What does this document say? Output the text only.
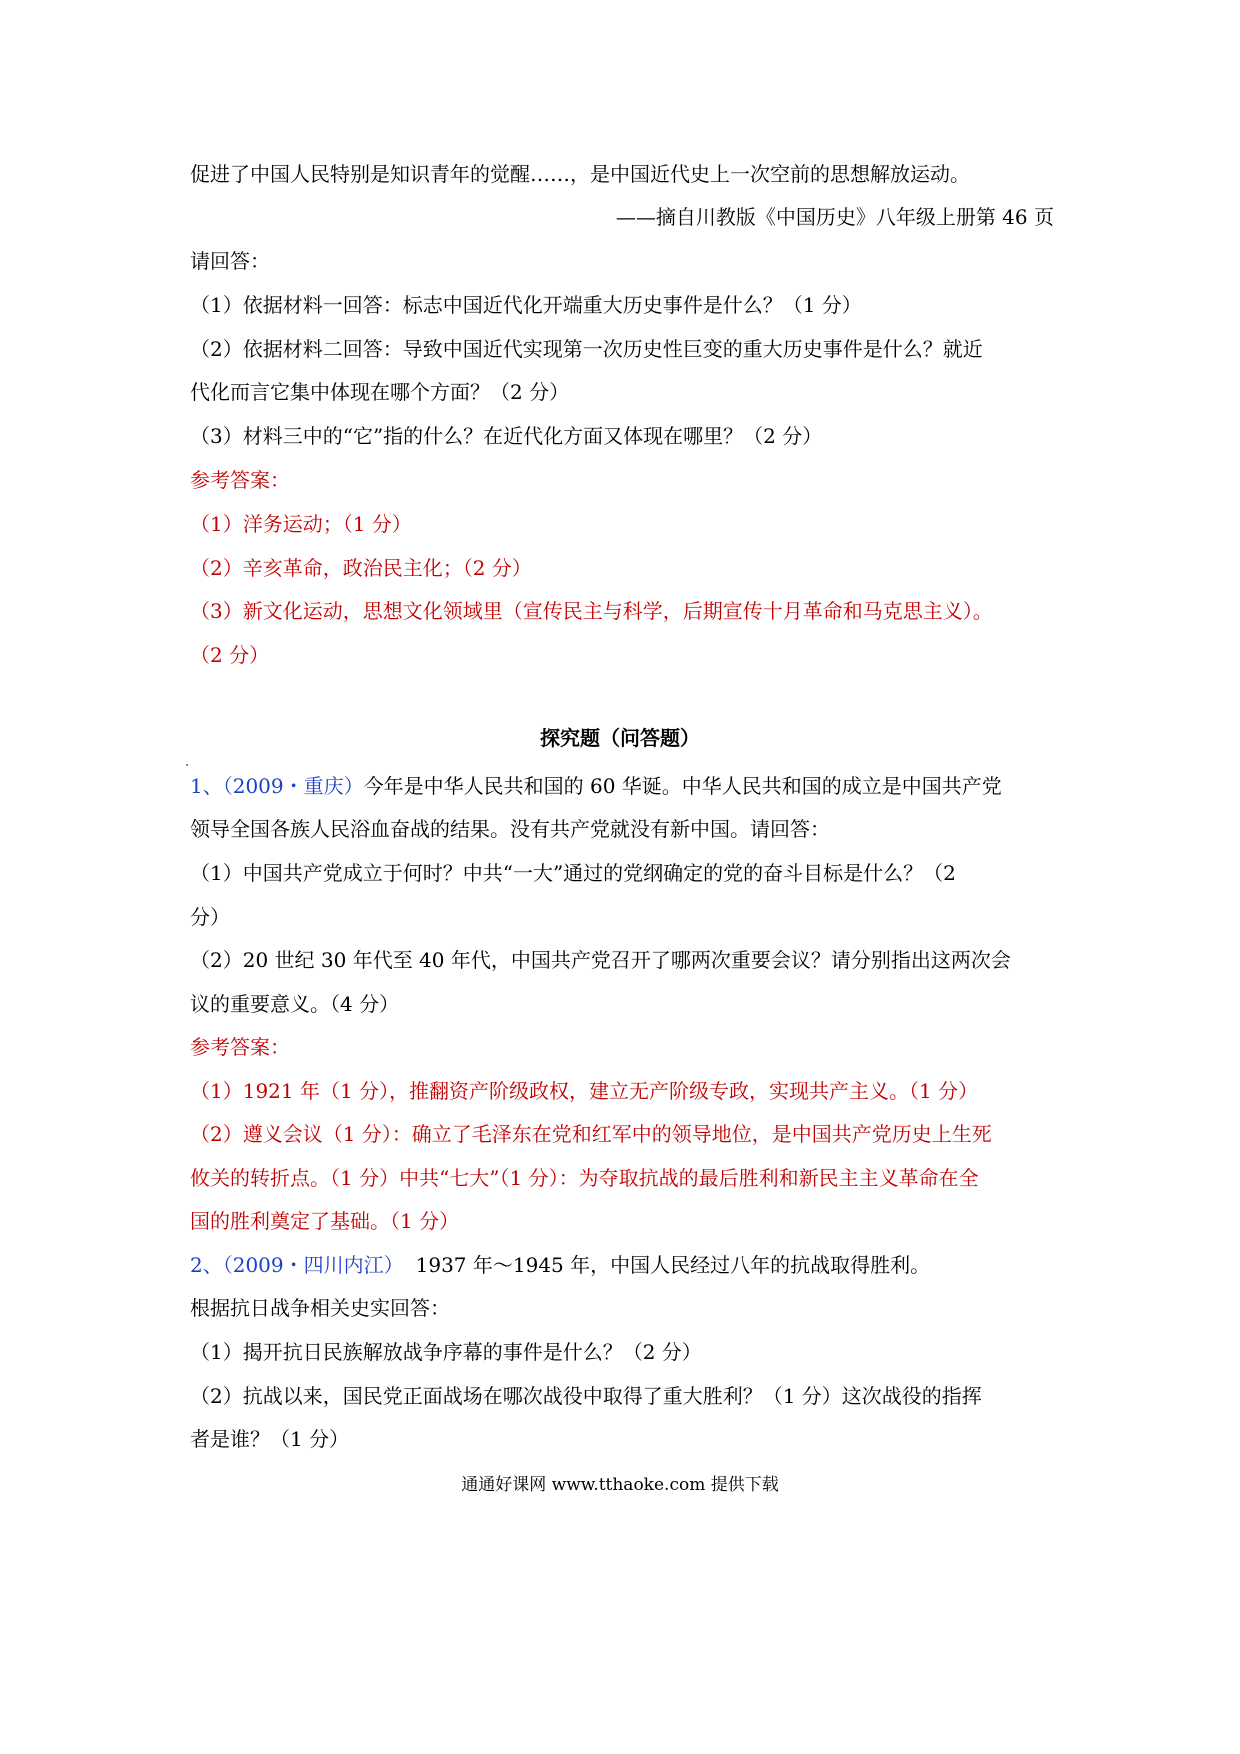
促进了中国人民特别是知识青年的觉醒……，是中国近代史上一次空前的思想解放运动。
——摘自川教版《中国历史》八年级上册第 46 页
请回答：
（1）依据材料一回答：标志中国近代化开端重大历史事件是什么？（1 分）
（2）依据材料二回答：导致中国近代实现第一次历史性巨变的重大历史事件是什么？就近
代化而言它集中体现在哪个方面？（2 分）
（3）材料三中的“它”指的什么？在近代化方面又体现在哪里？（2 分）
参考答案：
（1）洋务运动；（1 分）
（2）辛亥革命，政治民主化；（2 分）
（3）新文化运动，思想文化领域里（宣传民主与科学，后期宣传十月革命和马克思主义）。
（2 分）
探究题（问答题）
1、（2009・重庆）今年是中华人民共和国的 60 华诞。中华人民共和国的成立是中国共产党
领导全国各族人民浴血奋战的结果。没有共产党就没有新中国。请回答：
（1）中国共产党成立于何时？中共“一大”通过的党纲确定的党的奋斗目标是什么？（2
分）
（2）20 世纪 30 年代至 40 年代，中国共产党召开了哪两次重要会议？请分别指出这两次会
议的重要意义。（4 分）
参考答案：
（1）1921 年（1 分），推翻资产阶级政权，建立无产阶级专政，实现共产主义。（1 分）
（2）遵义会议（1 分）：确立了毛泽东在党和红军中的领导地位，是中国共产党历史上生死
攸关的转折点。（1 分）中共“七大”（1 分）：为夺取抗战的最后胜利和新民主主义革命在全
国的胜利奠定了基础。（1 分）
2、（2009・四川内江） 1937 年～1945 年，中国人民经过八年的抗战取得胜利。
根据抗日战争相关史实回答：
（1）揭开抗日民族解放战争序幕的事件是什么？（2 分）
（2）抗战以来，国民党正面战场在哪次战役中取得了重大胜利？（1 分）这次战役的指挥
者是谁？（1 分）
通通好课网 www.tthaoke.com 提供下载
